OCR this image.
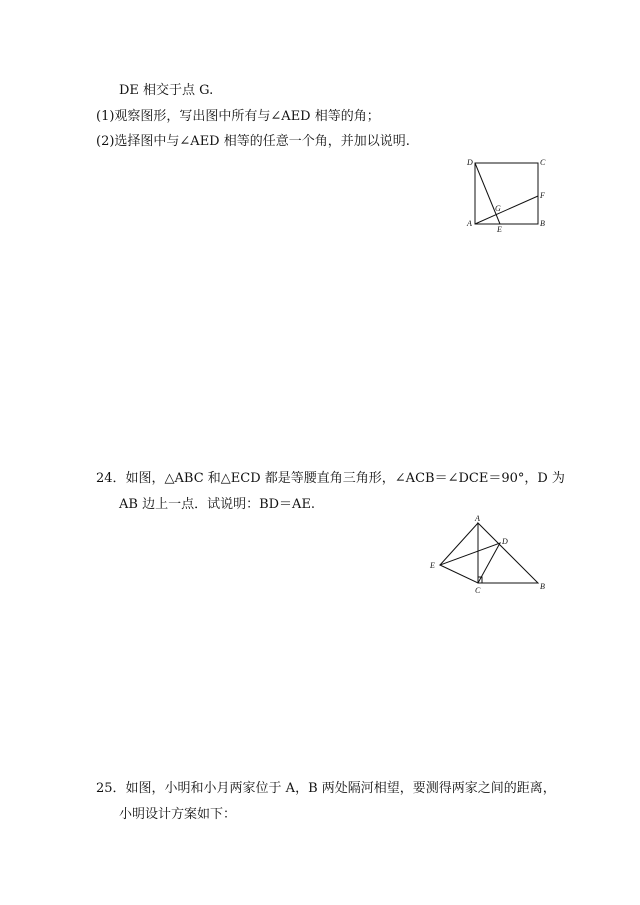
DE 相交于点 G.
(1)观察图形，写出图中所有与∠AED 相等的角；
(2)选择图中与∠AED 相等的任意一个角，并加以说明.
D	C
F
G
A
E
B
24．如图，△ABC 和△ECD 都是等腰直角三角形，∠ACB＝∠DCE＝90°，D 为
AB 边上一点．试说明：BD＝AE.
A
D
E
C	B
25．如图，小明和小月两家位于 A，B 两处隔河相望，要测得两家之间的距离，
小明设计方案如下：
